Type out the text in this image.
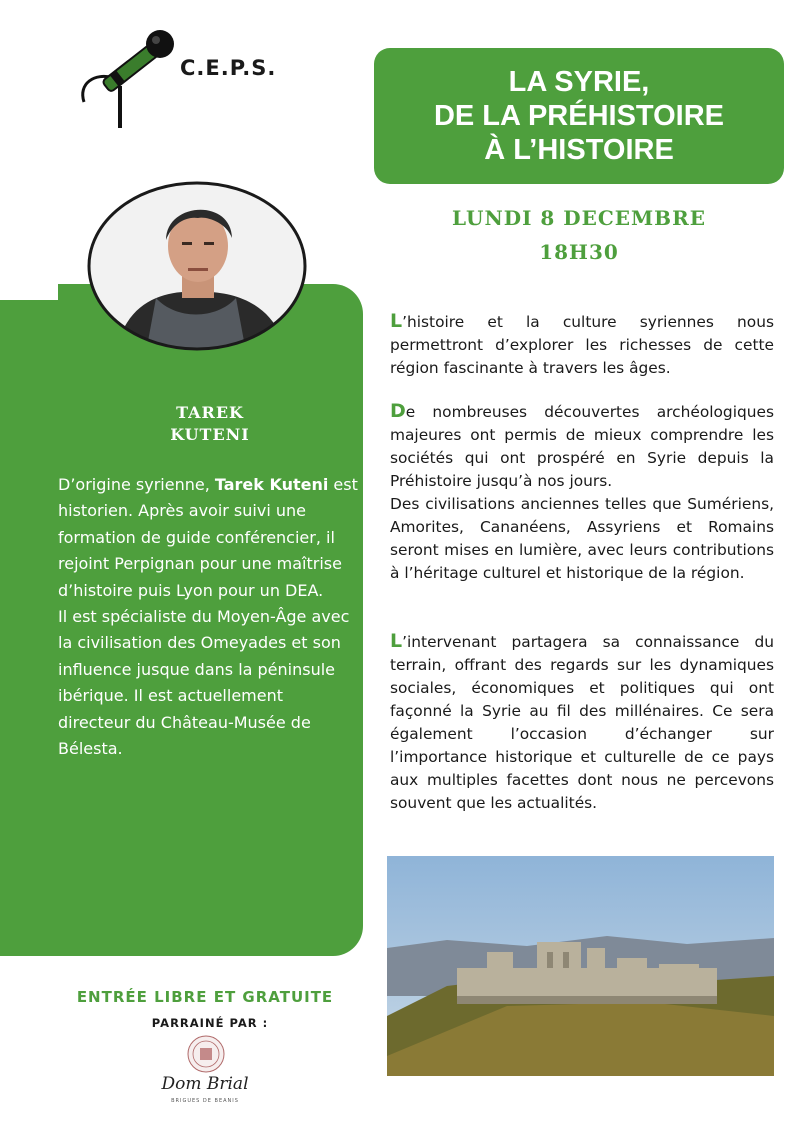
C.E.P.S.	LA SYRIE,
DE LA PRÉHISTOIRE
À L’HISTOIRE
LUNDI 8 DECEMBRE
18H30
TAREK
KUTENI
D’origine syrienne, Tarek Kuteni est historien. Après avoir suivi une formation de guide conférencier, il rejoint Perpignan pour une maîtrise d’histoire puis Lyon pour un DEA.
Il est spécialiste du Moyen-Âge avec la civilisation des Omeyades et son influence jusque dans la péninsule ibérique. Il est actuellement directeur du Château-Musée de Bélesta.

L’histoire et la culture syriennes nous permettront d’explorer les richesses de cette région fascinante à travers les âges.

De nombreuses découvertes archéologiques majeures ont permis de mieux comprendre les sociétés qui ont prospéré en Syrie depuis la Préhistoire jusqu’à nos jours.

Des civilisations anciennes telles que Sumériens, Amorites, Cananéens, Assyriens et Romains seront mises en lumière, avec leurs contributions à l’héritage culturel et historique de la région.

L’intervenant partagera sa connaissance du terrain, offrant des regards sur les dynamiques sociales, économiques et politiques qui ont façonné la Syrie au fil des millénaires. Ce sera également l’occasion d’échanger sur l’importance historique et culturelle de ce pays aux multiples facettes dont nous ne percevons souvent que les actualités.

ENTRÉE LIBRE ET GRATUITE
PARRAINÉ PAR :
Dom Brial
BRIGUES DE BEANIS
